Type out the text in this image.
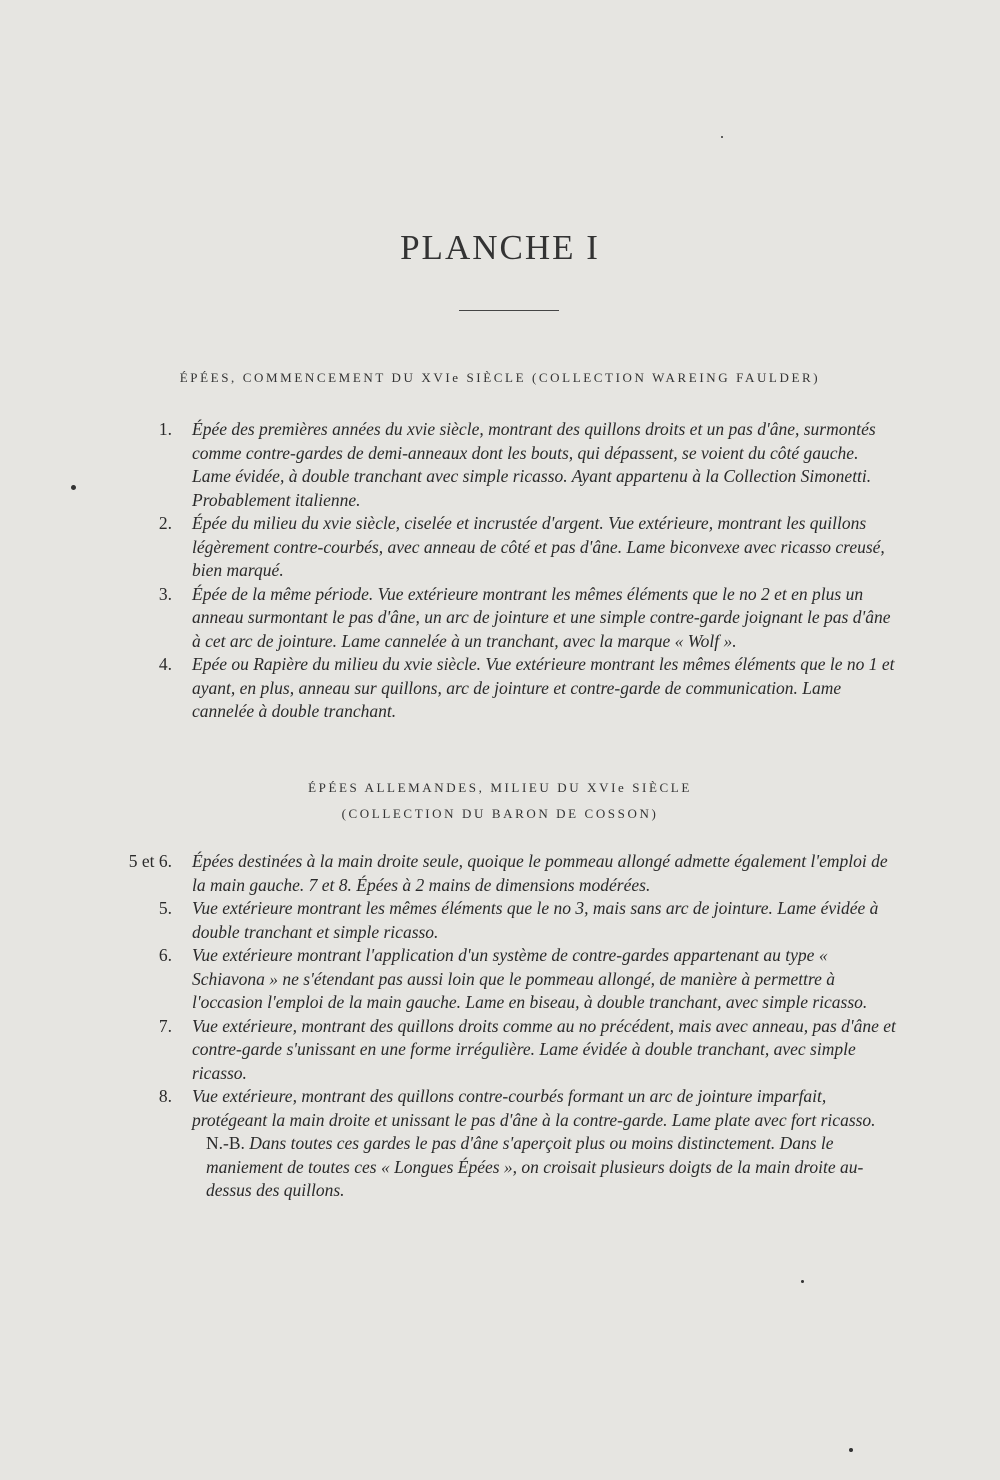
PLANCHE I
ÉPÉES, COMMENCEMENT DU XVIe SIÈCLE (COLLECTION WAREING FAULDER)
1. Épée des premières années du xvie siècle, montrant des quillons droits et un pas d'âne, surmontés comme contre-gardes de demi-anneaux dont les bouts, qui dépassent, se voient du côté gauche. Lame évidée, à double tranchant avec simple ricasso. Ayant appartenu à la Collection Simonetti. Probablement italienne.
2. Épée du milieu du xvie siècle, ciselée et incrustée d'argent. Vue extérieure, montrant les quillons légèrement contre-courbés, avec anneau de côté et pas d'âne. Lame biconvexe avec ricasso creusé, bien marqué.
3. Épée de la même période. Vue extérieure montrant les mêmes éléments que le no 2 et en plus un anneau surmontant le pas d'âne, un arc de jointure et une simple contre-garde joignant le pas d'âne à cet arc de jointure. Lame cannelée à un tranchant, avec la marque « Wolf ».
4. Epée ou Rapière du milieu du xvie siècle. Vue extérieure montrant les mêmes éléments que le no 1 et ayant, en plus, anneau sur quillons, arc de jointure et contre-garde de communication. Lame cannelée à double tranchant.
ÉPÉES ALLEMANDES, MILIEU DU XVIe SIÈCLE
(COLLECTION DU BARON DE COSSON)
5 et 6. Épées destinées à la main droite seule, quoique le pommeau allongé admette également l'emploi de la main gauche. 7 et 8. Épées à 2 mains de dimensions modérées.
5. Vue extérieure montrant les mêmes éléments que le no 3, mais sans arc de jointure. Lame évidée à double tranchant et simple ricasso.
6. Vue extérieure montrant l'application d'un système de contre-gardes appartenant au type « Schiavona » ne s'étendant pas aussi loin que le pommeau allongé, de manière à permettre à l'occasion l'emploi de la main gauche. Lame en biseau, à double tranchant, avec simple ricasso.
7. Vue extérieure, montrant des quillons droits comme au no précédent, mais avec anneau, pas d'âne et contre-garde s'unissant en une forme irrégulière. Lame évidée à double tranchant, avec simple ricasso.
8. Vue extérieure, montrant des quillons contre-courbés formant un arc de jointure imparfait, protégeant la main droite et unissant le pas d'âne à la contre-garde. Lame plate avec fort ricasso.
N.-B. Dans toutes ces gardes le pas d'âne s'aperçoit plus ou moins distinctement. Dans le maniement de toutes ces « Longues Épées », on croisait plusieurs doigts de la main droite au-dessus des quillons.
